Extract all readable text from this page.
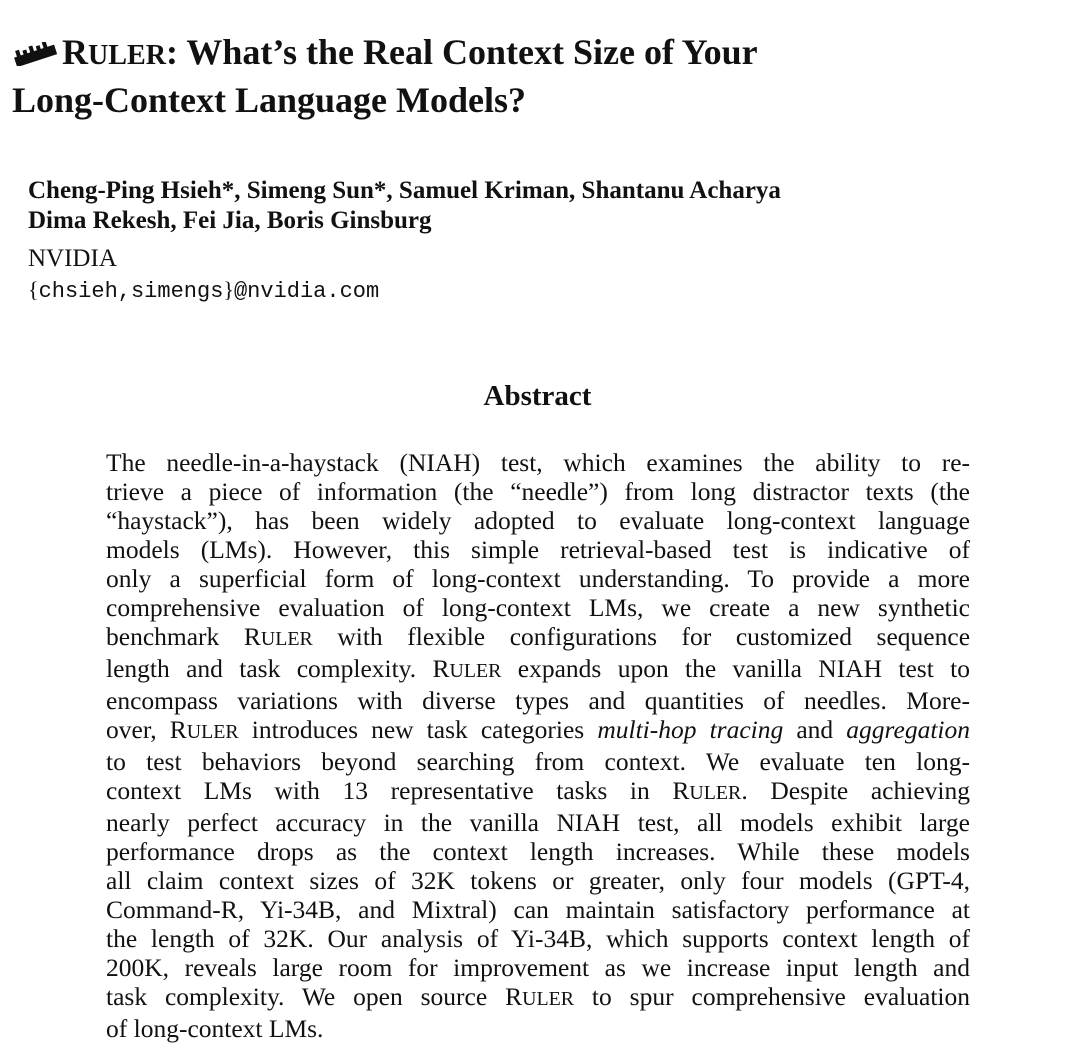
RULER: What’s the Real Context Size of Your
Long-Context Language Models?
Cheng-Ping Hsieh*, Simeng Sun*, Samuel Kriman, Shantanu Acharya
Dima Rekesh, Fei Jia, Boris Ginsburg
NVIDIA
{chsieh,simengs}@nvidia.com
Abstract
The needle-in-a-haystack (NIAH) test, which examines the ability to re-
trieve a piece of information (the “needle”) from long distractor texts (the
“haystack”), has been widely adopted to evaluate long-context language
models (LMs). However, this simple retrieval-based test is indicative of
only a superficial form of long-context understanding. To provide a more
comprehensive evaluation of long-context LMs, we create a new synthetic
benchmark RULER with flexible configurations for customized sequence
length and task complexity. RULER expands upon the vanilla NIAH test to
encompass variations with diverse types and quantities of needles. More-
over, RULER introduces new task categories multi-hop tracing and aggregation
to test behaviors beyond searching from context. We evaluate ten long-
context LMs with 13 representative tasks in RULER. Despite achieving
nearly perfect accuracy in the vanilla NIAH test, all models exhibit large
performance drops as the context length increases. While these models
all claim context sizes of 32K tokens or greater, only four models (GPT-4,
Command-R, Yi-34B, and Mixtral) can maintain satisfactory performance at
the length of 32K. Our analysis of Yi-34B, which supports context length of
200K, reveals large room for improvement as we increase input length and
task complexity. We open source RULER to spur comprehensive evaluation
of long-context LMs.
